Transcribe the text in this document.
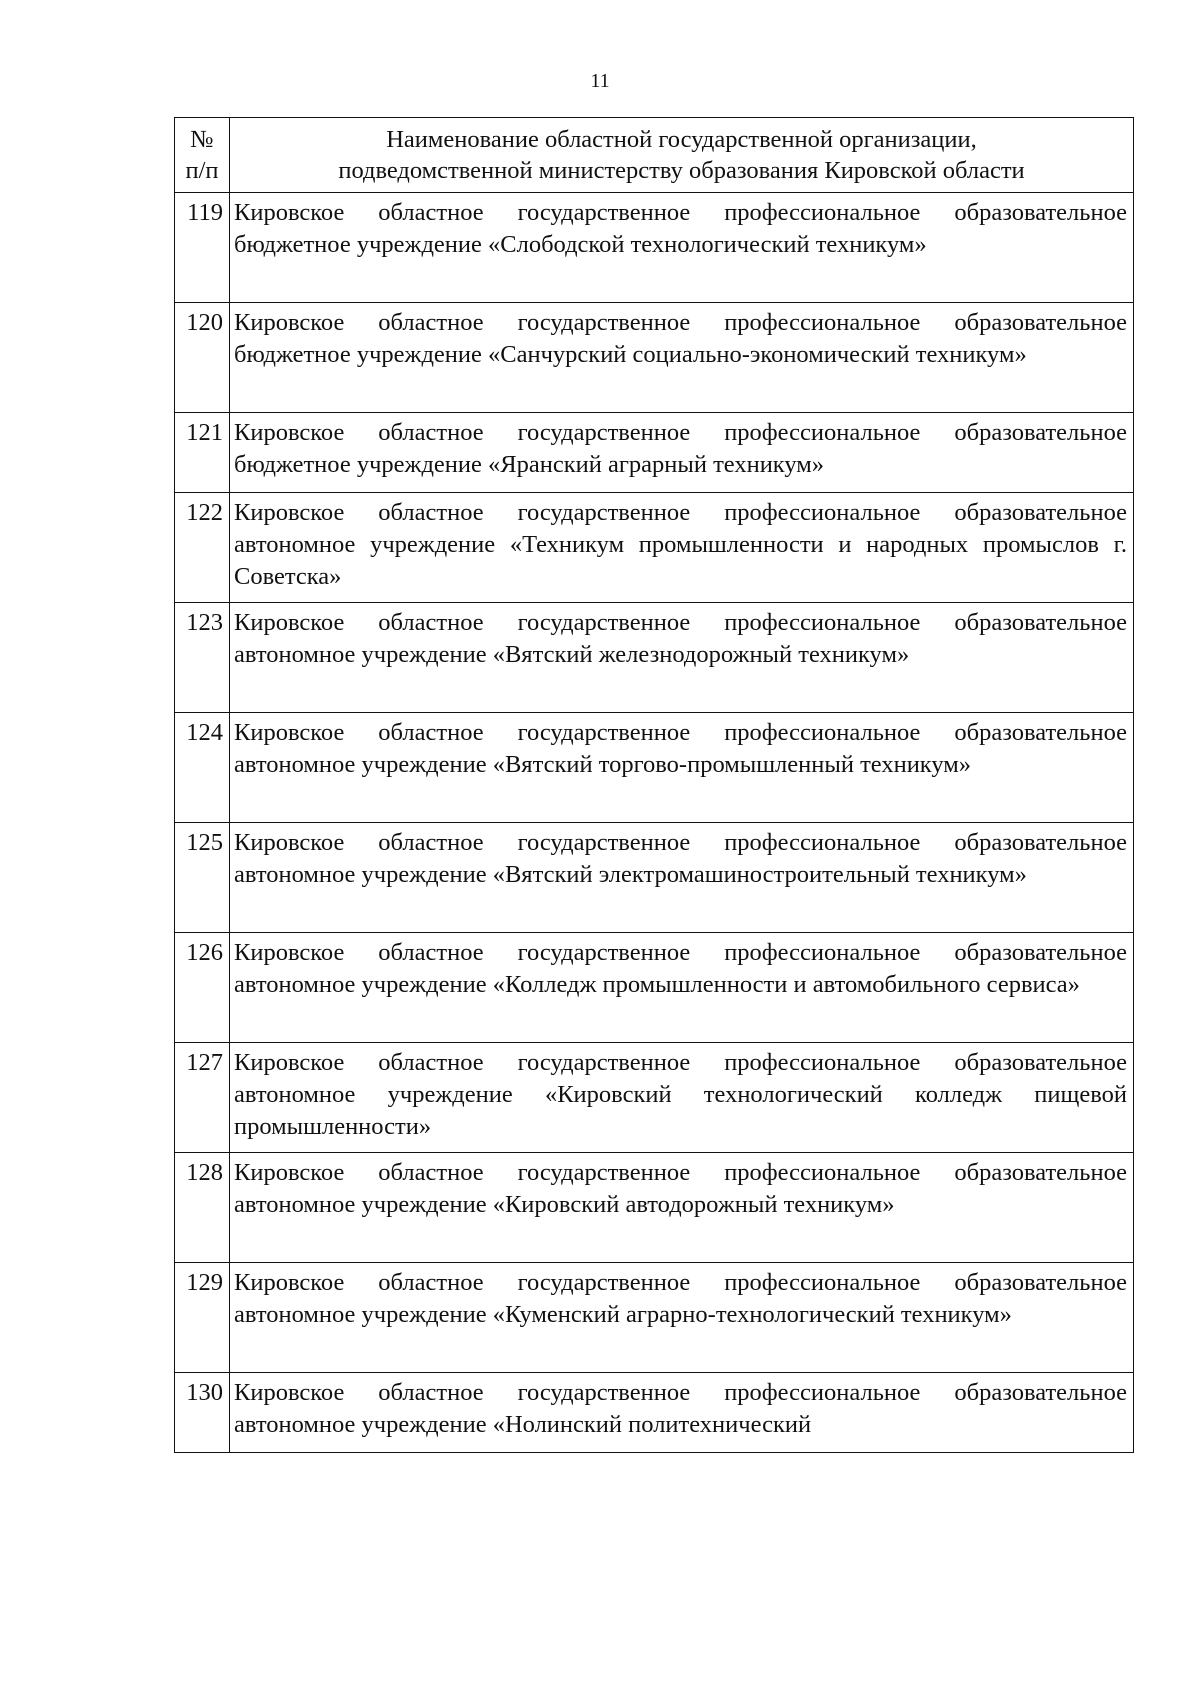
11
№
п/п	Наименование областной государственной организации,
подведомственной министерству образования Кировской области

119	Кировское областное государственное профессиональное образовательное бюджетное учреждение «Слободской технологический техникум»
120	Кировское областное государственное профессиональное образовательное бюджетное учреждение «Санчурский социально-экономический техникум»
121	Кировское областное государственное профессиональное образовательное бюджетное учреждение «Яранский аграрный техникум»
122	Кировское областное государственное профессиональное образовательное автономное учреждение «Техникум промышленности и народных промыслов г. Советска»
123	Кировское областное государственное профессиональное образовательное автономное учреждение «Вятский железнодорожный техникум»
124	Кировское областное государственное профессиональное образовательное автономное учреждение «Вятский торгово-промышленный техникум»
125	Кировское областное государственное профессиональное образовательное автономное учреждение «Вятский электромашиностроительный техникум»
126	Кировское областное государственное профессиональное образовательное автономное учреждение «Колледж промышленности и автомобильного сервиса»
127	Кировское областное государственное профессиональное образовательное автономное учреждение «Кировский технологический колледж пищевой промышленности»
128	Кировское областное государственное профессиональное образовательное автономное учреждение «Кировский автодорожный техникум»
129	Кировское областное государственное профессиональное образовательное автономное учреждение «Куменский аграрно-технологический техникум»
130	Кировское областное государственное профессиональное образовательное автономное учреждение «Нолинский политехнический
